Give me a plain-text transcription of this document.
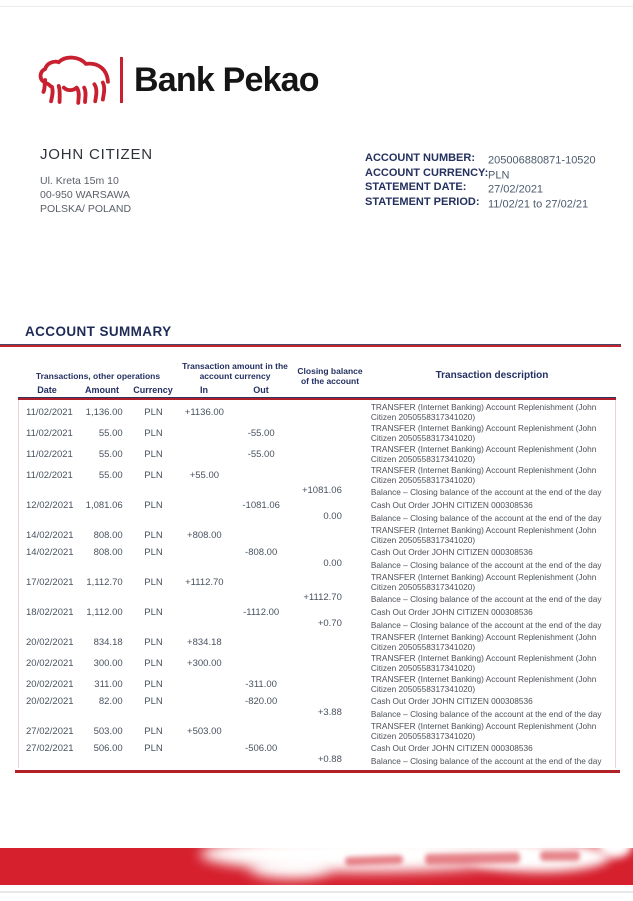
Bank Pekao
JOHN CITIZEN
Ul. Kreta 15m 10
00-950 WARSAWA
POLSKA/ POLAND
ACCOUNT NUMBER:	205006880871-10520
ACCOUNT CURRENCY: PLN
STATEMENT DATE:	27/02/2021
STATEMENT PERIOD: 11/02/21 to 27/02/21
ACCOUNT SUMMARY
Transactions, other operations
Date	Amount	Currency
Transaction amount in the account currency
In	Out
Closing balance of the account	Transaction description
11/02/2021	1,136.00	PLN	+1136.00	TRANSFER (Internet Banking) Account Replenishment (John Citizen 2050558317341020)
11/02/2021	55.00	PLN	-55.00	TRANSFER (Internet Banking) Account Replenishment (John Citizen 2050558317341020)
11/02/2021	55.00	PLN	-55.00	TRANSFER (Internet Banking) Account Replenishment (John Citizen 2050558317341020)
11/02/2021	55.00	PLN	+55.00	TRANSFER (Internet Banking) Account Replenishment (John Citizen 2050558317341020)
+1081.06	Balance – Closing balance of the account at the end of the day
12/02/2021	1,081.06	PLN	-1081.06	Cash Out Order JOHN CITIZEN 000308536
0.00	Balance – Closing balance of the account at the end of the day
14/02/2021	808.00	PLN	+808.00	TRANSFER (Internet Banking) Account Replenishment (John Citizen 2050558317341020)
14/02/2021	808.00	PLN	-808.00	Cash Out Order JOHN CITIZEN 000308536
0.00	Balance – Closing balance of the account at the end of the day
17/02/2021	1,112.70	PLN	+1112.70	TRANSFER (Internet Banking) Account Replenishment (John Citizen 2050558317341020)
+1112.70	Balance – Closing balance of the account at the end of the day
18/02/2021	1,112.00	PLN	-1112.00	Cash Out Order JOHN CITIZEN 000308536
+0.70	Balance – Closing balance of the account at the end of the day
20/02/2021	834.18	PLN	+834.18	TRANSFER (Internet Banking) Account Replenishment (John Citizen 2050558317341020)
20/02/2021	300.00	PLN	+300.00	TRANSFER (Internet Banking) Account Replenishment (John Citizen 2050558317341020)
20/02/2021	311.00	PLN	-311.00	TRANSFER (Internet Banking) Account Replenishment (John Citizen 2050558317341020)
20/02/2021	82.00	PLN	-820.00	Cash Out Order JOHN CITIZEN 000308536
+3.88	Balance – Closing balance of the account at the end of the day
27/02/2021	503.00	PLN	+503.00	TRANSFER (Internet Banking) Account Replenishment (John Citizen 2050558317341020)
27/02/2021	506.00	PLN	-506.00	Cash Out Order JOHN CITIZEN 000308536
+0.88	Balance – Closing balance of the account at the end of the day
